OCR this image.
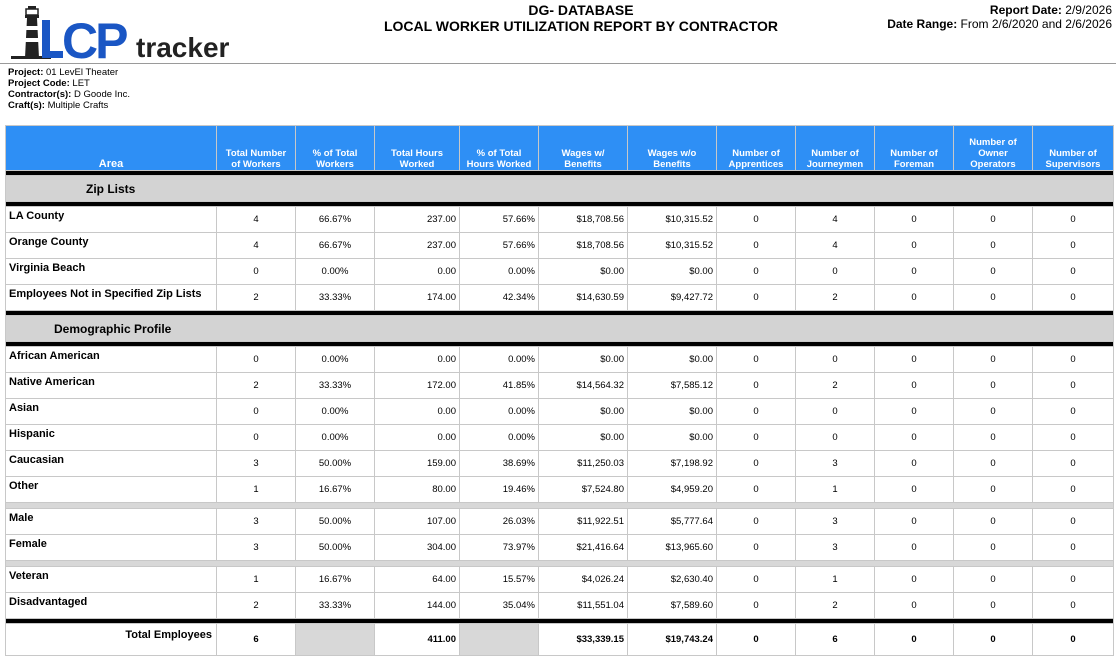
CP tracker
DG- DATABASE
LOCAL WORKER UTILIZATION REPORT BY CONTRACTOR
Report Date: 2/9/2026
Date Range: From 2/6/2020 and 2/6/2026
Project: 01 LevEl Theater
Project Code: LET
Contractor(s): D Goode Inc.
Craft(s): Multiple Crafts
Area	Total Number of Workers	% of Total Workers	Total Hours Worked	% of Total Hours Worked	Wages w/ Benefits	Wages w/o Benefits	Number of Apprentices	Number of Journeymen	Number of Foreman	Number of Owner Operators	Number of Supervisors

Zip Lists											

LA County	4	66.67%	237.00	57.66%	$18,708.56	$10,315.52	0	4	0	0	0
Orange County	4	66.67%	237.00	57.66%	$18,708.56	$10,315.52	0	4	0	0	0
Virginia Beach	0	0.00%	0.00	0.00%	$0.00	$0.00	0	0	0	0	0
Employees Not in Specified Zip Lists	2	33.33%	174.00	42.34%	$14,630.59	$9,427.72	0	2	0	0	0

Demographic Profile											

African American	0	0.00%	0.00	0.00%	$0.00	$0.00	0	0	0	0	0
Native American	2	33.33%	172.00	41.85%	$14,564.32	$7,585.12	0	2	0	0	0
Asian	0	0.00%	0.00	0.00%	$0.00	$0.00	0	0	0	0	0
Hispanic	0	0.00%	0.00	0.00%	$0.00	$0.00	0	0	0	0	0
Caucasian	3	50.00%	159.00	38.69%	$11,250.03	$7,198.92	0	3	0	0	0
Other	1	16.67%	80.00	19.46%	$7,524.80	$4,959.20	0	1	0	0	0

Male	3	50.00%	107.00	26.03%	$11,922.51	$5,777.64	0	3	0	0	0
Female	3	50.00%	304.00	73.97%	$21,416.64	$13,965.60	0	3	0	0	0

Veteran	1	16.67%	64.00	15.57%	$4,026.24	$2,630.40	0	1	0	0	0
Disadvantaged	2	33.33%	144.00	35.04%	$11,551.04	$7,589.60	0	2	0	0	0

Total Employees	6		411.00		$33,339.15	$19,743.24	0	6	0	0	0
